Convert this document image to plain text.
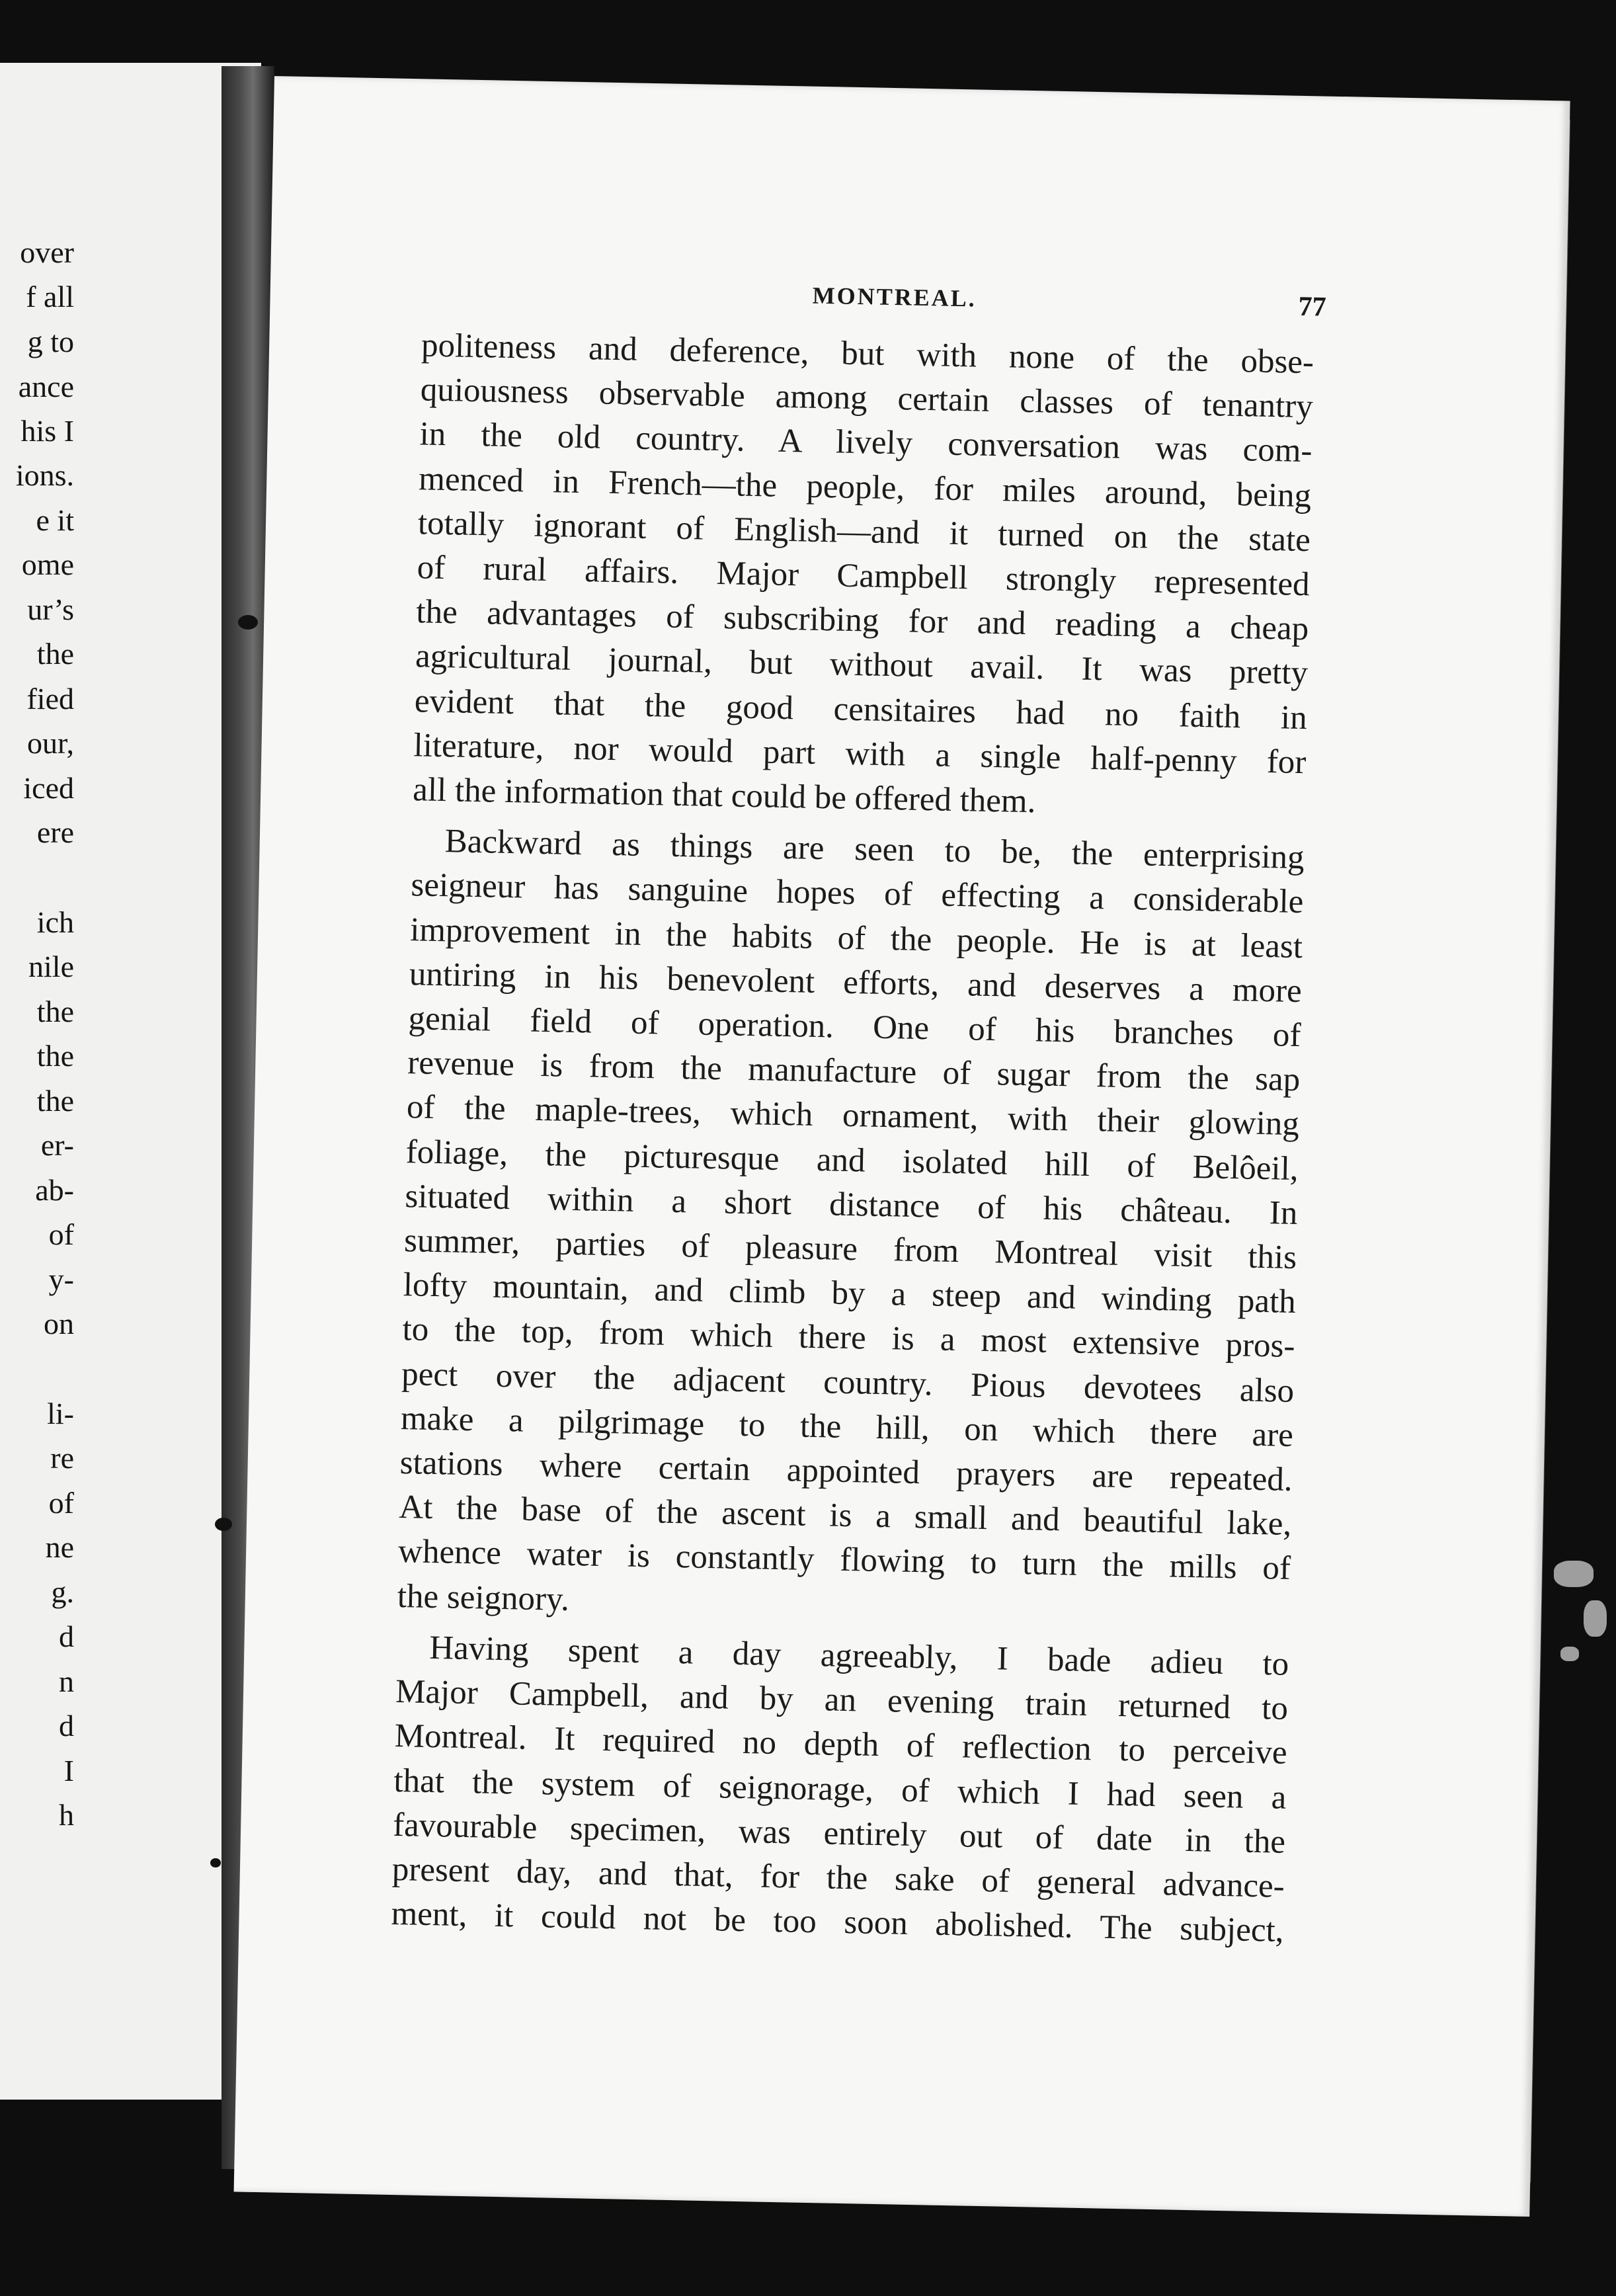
over
f all
g to
ance
his I
ions.
e it
ome
ur’s
the
fied
our,
iced
ere
ich
nile
the
the
the
er-
ab-
of
y-
on
li-
re
of
ne
g.
d
n
d
I
h
MONTREAL.	77
politeness and deference, but with none of the obse-
quiousness observable among certain classes of tenantry
in the old country. A lively conversation was com-
menced in French—the people, for miles around, being
totally ignorant of English—and it turned on the state
of rural affairs. Major Campbell strongly represented
the advantages of subscribing for and reading a cheap
agricultural journal, but without avail. It was pretty
evident that the good censitaires had no faith in
literature, nor would part with a single half-penny for
all the information that could be offered them.
Backward as things are seen to be, the enterprising
seigneur has sanguine hopes of effecting a considerable
improvement in the habits of the people. He is at least
untiring in his benevolent efforts, and deserves a more
genial field of operation. One of his branches of
revenue is from the manufacture of sugar from the sap
of the maple-trees, which ornament, with their glowing
foliage, the picturesque and isolated hill of Belôeil,
situated within a short distance of his château. In
summer, parties of pleasure from Montreal visit this
lofty mountain, and climb by a steep and winding path
to the top, from which there is a most extensive pros-
pect over the adjacent country. Pious devotees also
make a pilgrimage to the hill, on which there are
stations where certain appointed prayers are repeated.
At the base of the ascent is a small and beautiful lake,
whence water is constantly flowing to turn the mills of
the seignory.
Having spent a day agreeably, I bade adieu to
Major Campbell, and by an evening train returned to
Montreal. It required no depth of reflection to perceive
that the system of seignorage, of which I had seen a
favourable specimen, was entirely out of date in the
present day, and that, for the sake of general advance-
ment, it could not be too soon abolished. The subject,
